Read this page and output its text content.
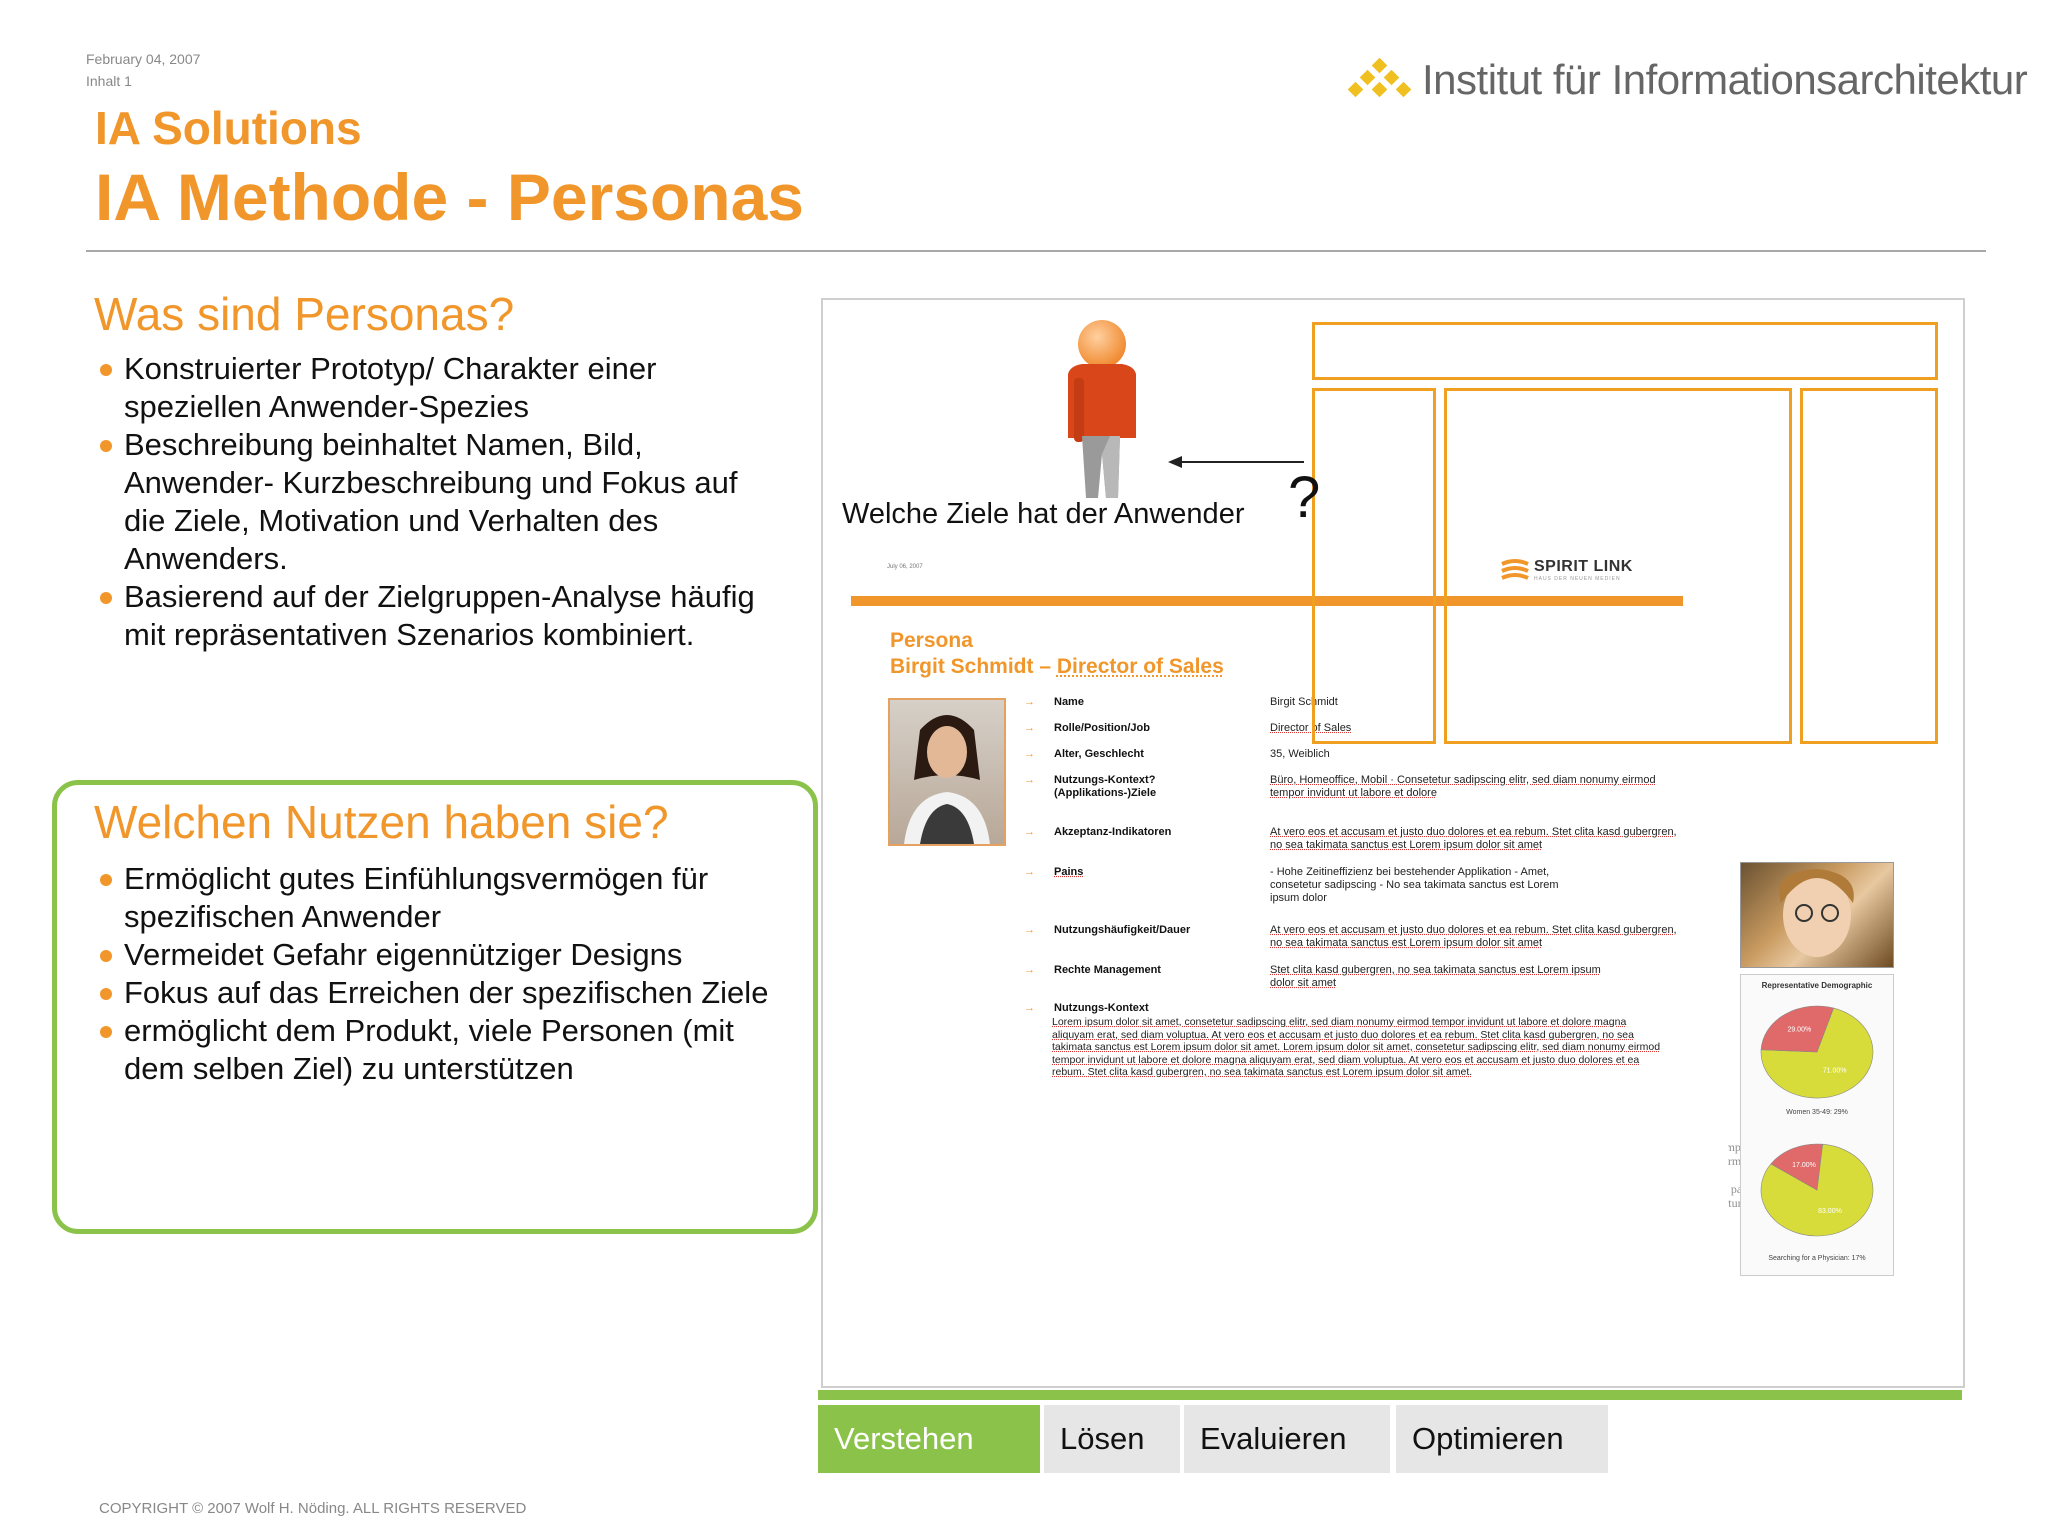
February 04, 2007
Inhalt 1	Institut für Informationsarchitektur
IA Solutions
IA Methode - Personas
Was sind Personas?
Konstruierter Prototyp/ Charakter einer speziellen Anwender-Spezies
Beschreibung beinhaltet Namen, Bild, Anwender- Kurzbeschreibung und Fokus auf die Ziele, Motivation und Verhalten des Anwenders.
Basierend auf der Zielgruppen-Analyse häufig mit repräsentativen Szenarios kombiniert.
Welchen Nutzen haben sie?
Ermöglicht gutes Einfühlungsvermögen für spezifischen Anwender
Vermeidet Gefahr eigennütziger Designs
Fokus auf das Erreichen der spezifischen Ziele
ermöglicht dem Produkt, viele Personen (mit dem selben Ziel) zu unterstützen
•
• information
•
• opportunity
Representative Demographic
71.00%
29.00%
Women 35-49: 29%
83.00%
17.00%
Searching for a Physician: 17%
July 06, 2007	SPIRIT LINK
HAUS DER NEUEN MEDIEN
Persona
Birgit Schmidt – Director of Sales
→ Name	Birgit Schmidt
→ Rolle/Position/Job	Director of Sales
→ Alter, Geschlecht	35, Weiblich
→ Nutzungs-Kontext? (Applikations-)Ziele
Büro, Homeoffice, Mobil · Consetetur sadipscing elitr, sed diam nonumy eirmod tempor invidunt ut labore et dolore
→ Akzeptanz-Indikatoren	At vero eos et accusam et justo duo dolores et ea rebum. Stet clita kasd gubergren, no sea takimata sanctus est Lorem ipsum dolor sit amet
→ Pains	- Hohe Zeitineffizienz bei bestehender Applikation - Amet, consetetur sadipscing - No sea takimata sanctus est Lorem ipsum dolor
→ Nutzungshäufigkeit/Dauer	At vero eos et accusam et justo duo dolores et ea rebum. Stet clita kasd gubergren, no sea takimata sanctus est Lorem ipsum dolor sit amet
→ Rechte Management	Stet clita kasd gubergren, no sea takimata sanctus est Lorem ipsum dolor sit amet
→ Nutzungs-Kontext
Lorem ipsum dolor sit amet, consetetur sadipscing elitr, sed diam nonumy eirmod tempor invidunt ut labore et dolore magna aliquyam erat, sed diam voluptua. At vero eos et accusam et justo duo dolores et ea rebum. Stet clita kasd gubergren, no sea takimata sanctus est Lorem ipsum dolor sit amet. Lorem ipsum dolor sit amet, consetetur sadipscing elitr, sed diam nonumy eirmod tempor invidunt ut labore et dolore magna aliquyam erat, sed diam voluptua. At vero eos et accusam et justo duo dolores et ea rebum. Stet clita kasd gubergren, no sea takimata sanctus est Lorem ipsum dolor sit amet.
Welche Ziele hat der Anwender ?
Verstehen	Lösen	Evaluieren	Optimieren
COPYRIGHT © 2007 Wolf H. Nöding. ALL RIGHTS RESERVED
